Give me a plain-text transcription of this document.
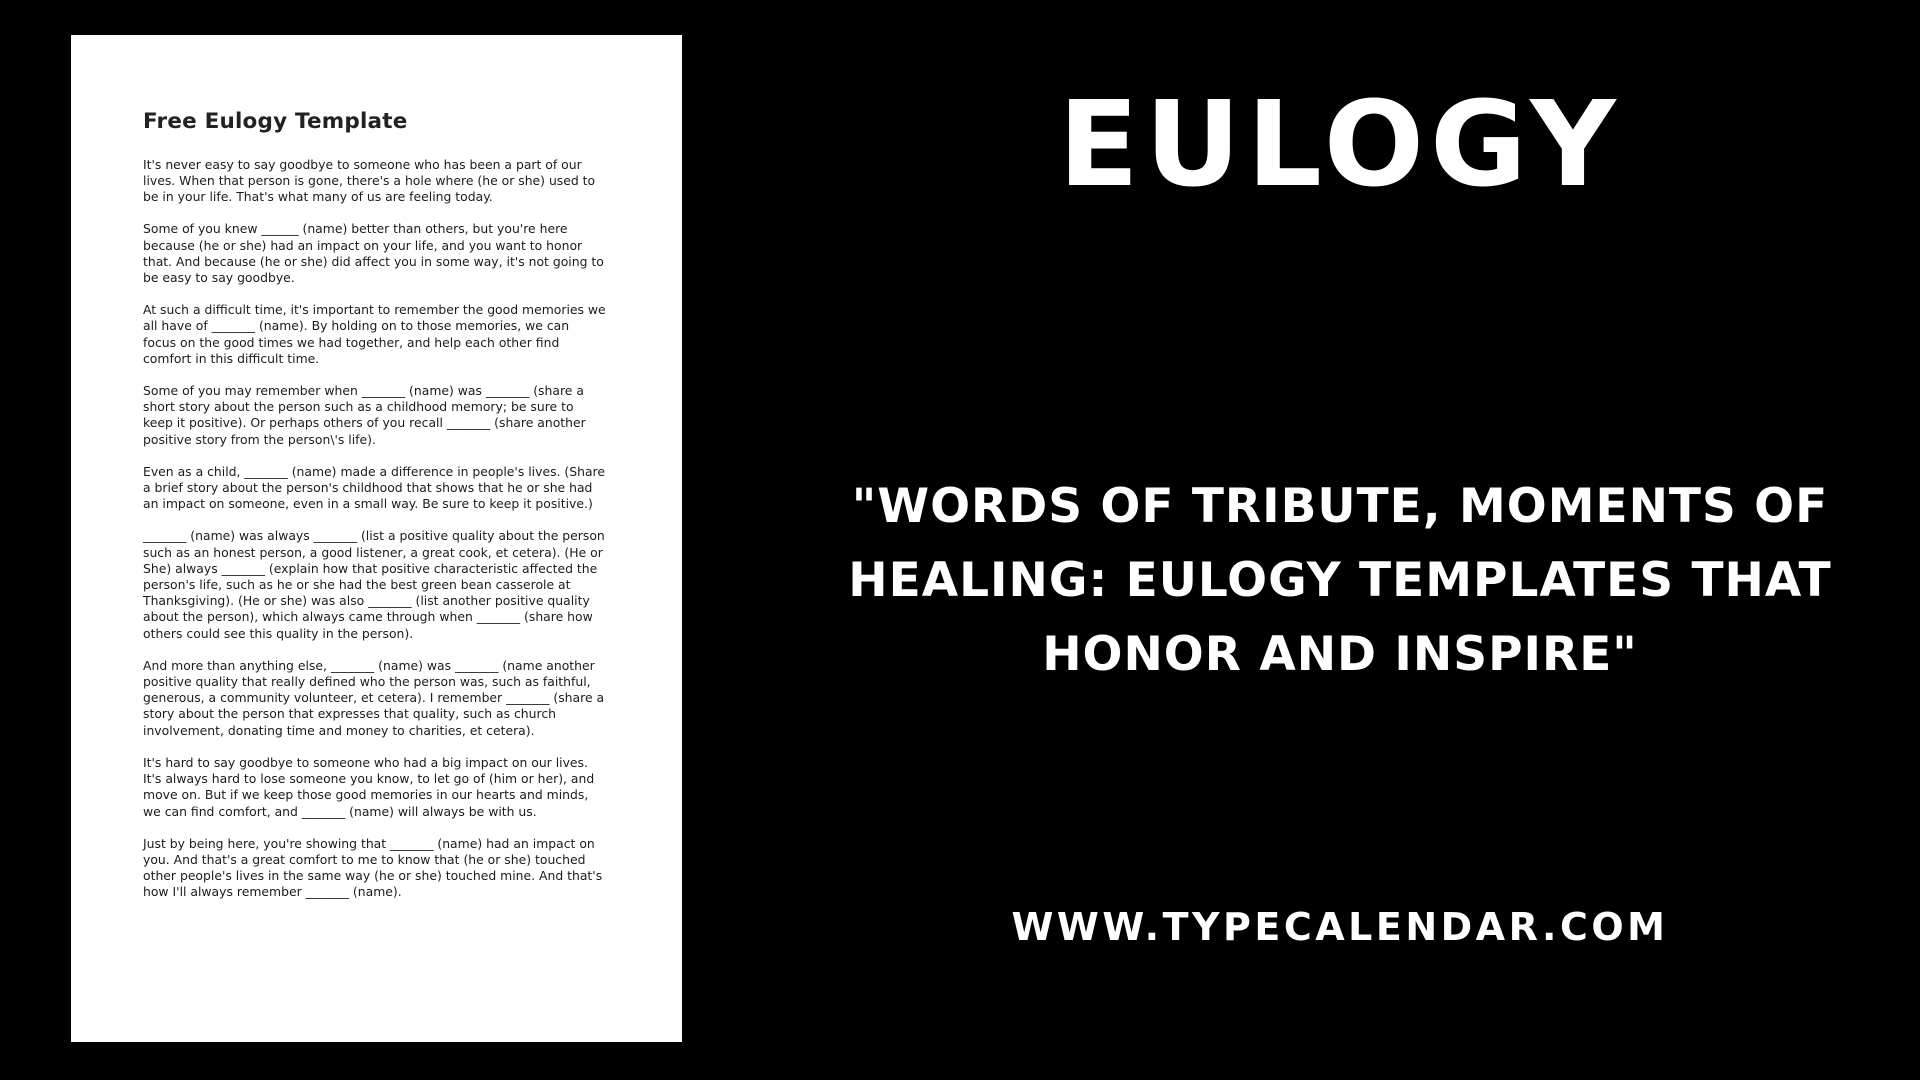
Free Eulogy Template

It's never easy to say goodbye to someone who has been a part of our lives. When that person is gone, there's a hole where (he or she) used to be in your life. That's what many of us are feeling today.

Some of you knew ______ (name) better than others, but you're here because (he or she) had an impact on your life, and you want to honor that. And because (he or she) did affect you in some way, it's not going to be easy to say goodbye.

At such a difficult time, it's important to remember the good memories we all have of _______ (name). By holding on to those memories, we can focus on the good times we had together, and help each other find comfort in this difficult time.

Some of you may remember when _______ (name) was _______ (share a short story about the person such as a childhood memory; be sure to keep it positive). Or perhaps others of you recall _______ (share another positive story from the person\'s life).

Even as a child, _______ (name) made a difference in people's lives. (Share a brief story about the person's childhood that shows that he or she had an impact on someone, even in a small way. Be sure to keep it positive.)

_______ (name) was always _______ (list a positive quality about the person such as an honest person, a good listener, a great cook, et cetera). (He or She) always _______ (explain how that positive characteristic affected the person's life, such as he or she had the best green bean casserole at Thanksgiving). (He or she) was also _______ (list another positive quality about the person), which always came through when _______ (share how others could see this quality in the person).

And more than anything else, _______ (name) was _______ (name another positive quality that really defined who the person was, such as faithful, generous, a community volunteer, et cetera). I remember _______ (share a story about the person that expresses that quality, such as church involvement, donating time and money to charities, et cetera).

It's hard to say goodbye to someone who had a big impact on our lives. It's always hard to lose someone you know, to let go of (him or her), and move on. But if we keep those good memories in our hearts and minds, we can find comfort, and _______ (name) will always be with us.

Just by being here, you're showing that _______ (name) had an impact on you. And that's a great comfort to me to know that (he or she) touched other people's lives in the same way (he or she) touched mine. And that's how I'll always remember _______ (name).

EULOGY
"WORDS OF TRIBUTE, MOMENTS OF HEALING: EULOGY TEMPLATES THAT HONOR AND INSPIRE"
WWW.TYPECALENDAR.COM
